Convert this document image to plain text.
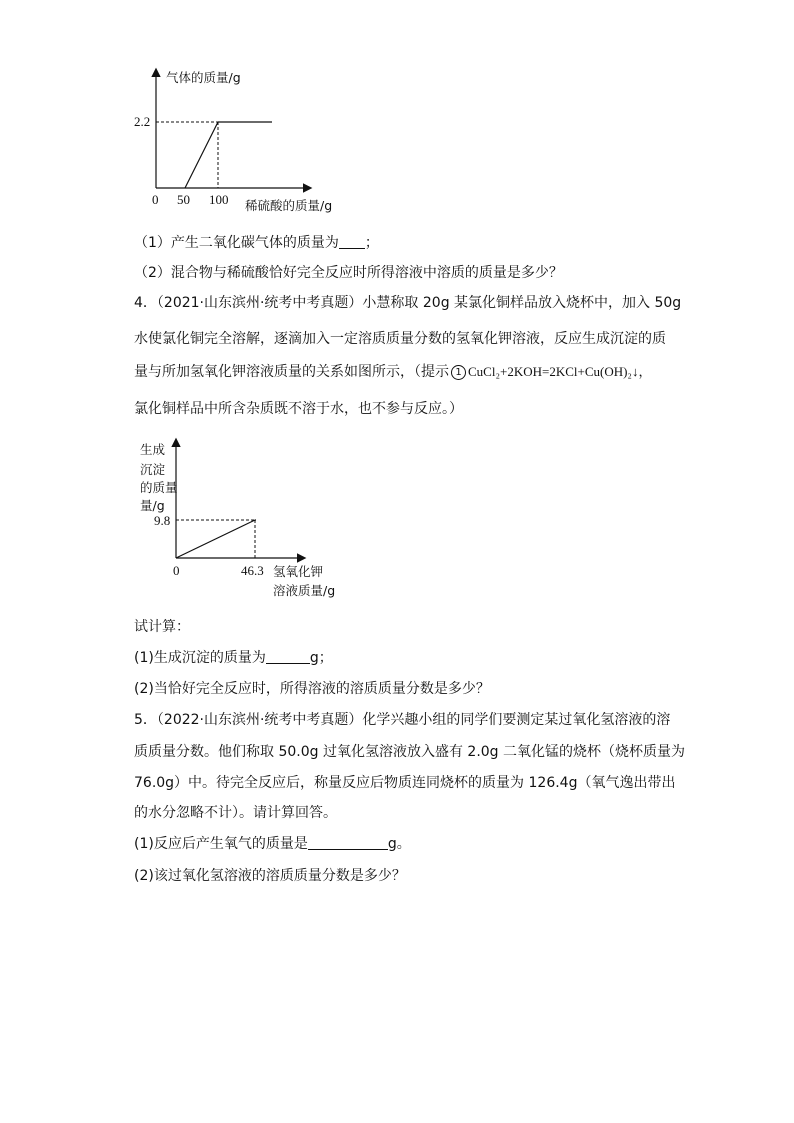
气体的质量/g
2.2
0 50 100 稀硫酸的质量/g
（1）产生二氧化碳气体的质量为 ；
（2）混合物与稀硫酸恰好完全反应时所得溶液中溶质的质量是多少？
4．（2021·山东滨州·统考中考真题）小慧称取 20g 某氯化铜样品放入烧杯中，加入 50g
水使氯化铜完全溶解，逐滴加入一定溶质质量分数的氢氧化钾溶液，反应生成沉淀的质
量与所加氢氧化钾溶液质量的关系如图所示，（提示 1 CuCl₂+2KOH=2KCl+Cu(OH)₂↓，
氯化铜样品中所含杂质既不溶于水，也不参与反应。）
生成
沉淀
的质量
量/g
9.8
0	46.3 氢氧化钾
溶液质量/g
试计算：
(1)生成沉淀的质量为	g；
(2)当恰好完全反应时，所得溶液的溶质质量分数是多少？
5．（2022·山东滨州·统考中考真题）化学兴趣小组的同学们要测定某过氧化氢溶液的溶
质质量分数。他们称取 50.0g 过氧化氢溶液放入盛有 2.0g 二氧化锰的烧杯（烧杯质量为
76.0g）中。待完全反应后，称量反应后物质连同烧杯的质量为 126.4g（氧气逸出带出
的水分忽略不计）。请计算回答。
(1)反应后产生氧气的质量是	g。
(2)该过氧化氢溶液的溶质质量分数是多少？
